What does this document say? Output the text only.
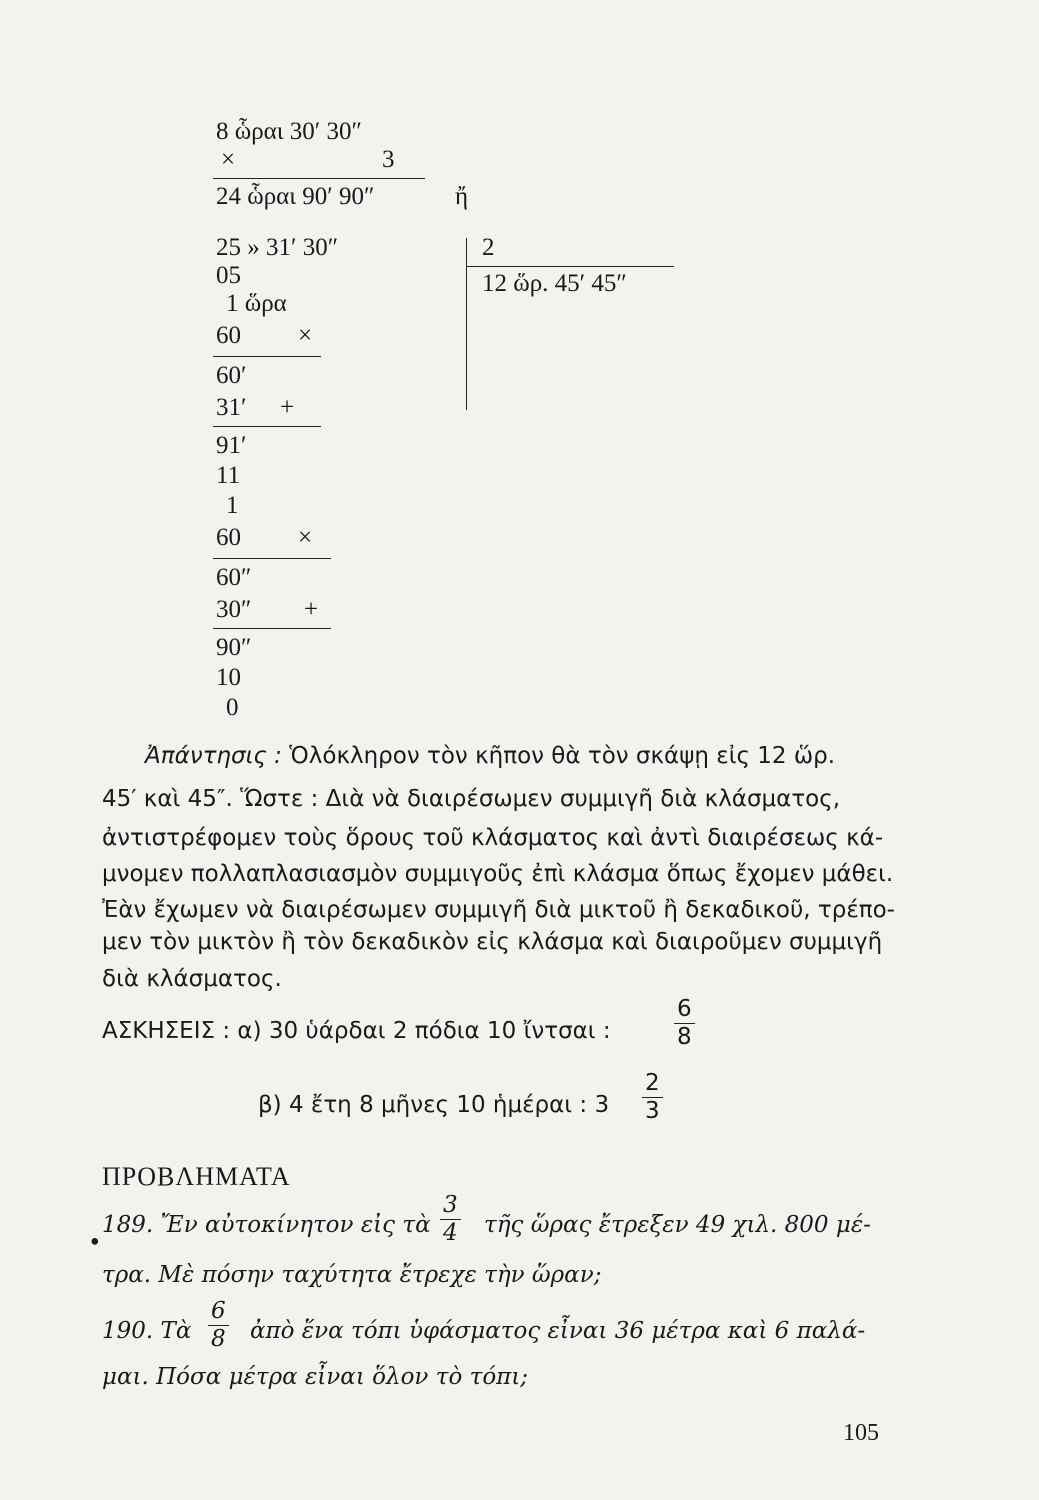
8 ὧραι 30′ 30″
×	3
24 ὧραι 90′ 90″	ἤ
25 » 31′ 30″	2
12 ὥρ. 45′ 45″
05
1 ὥρα
60 ×
60′
31′ +
91′
11
1
60 ×
60″
30″ +
90″
10
0
Ἀπάντησις : Ὁλόκληρον τὸν κῆπον θὰ τὸν σκάψῃ εἰς 12 ὥρ.
45′ καὶ 45″. Ὥστε : Διὰ νὰ διαιρέσωμεν συμμιγῆ διὰ κλάσματος,
ἀντιστρέφομεν τοὺς ὅρους τοῦ κλάσματος καὶ ἀντὶ διαιρέσεως κά-
μνομεν πολλαπλασιασμὸν συμμιγοῦς ἐπὶ κλάσμα ὅπως ἔχομεν μάθει.
Ἐὰν ἔχωμεν νὰ διαιρέσωμεν συμμιγῆ διὰ μικτοῦ ἢ δεκαδικοῦ, τρέπο-
μεν τὸν μικτὸν ἢ τὸν δεκαδικὸν εἰς κλάσμα καὶ διαιροῦμεν συμμιγῆ
διὰ κλάσματος.
ΑΣΚΗΣΕΙΣ : α) 30 ὑάρδαι 2 πόδια 10 ἴντσαι :	$\frac{6}{8}$
β) 4 ἔτη 8 μῆνες 10 ἡμέραι : $3 \frac{2}{3}$
ΠΡΟΒΛΗΜΑΤΑ
•
189. Ἔν αὐτοκίνητον εἰς τὰ $\frac{3}{4}$ τῆς ὥρας ἔτρεξεν 49 χιλ. 800 μέ-
τρα. Μὲ πόσην ταχύτητα ἔτρεχε τὴν ὥραν;
190. Τὰ $\frac{6}{8}$ ἀπὸ ἕνα τόπι ὑφάσματος εἶναι 36 μέτρα καὶ 6 παλά-
μαι. Πόσα μέτρα εἶναι ὅλον τὸ τόπι;
105
